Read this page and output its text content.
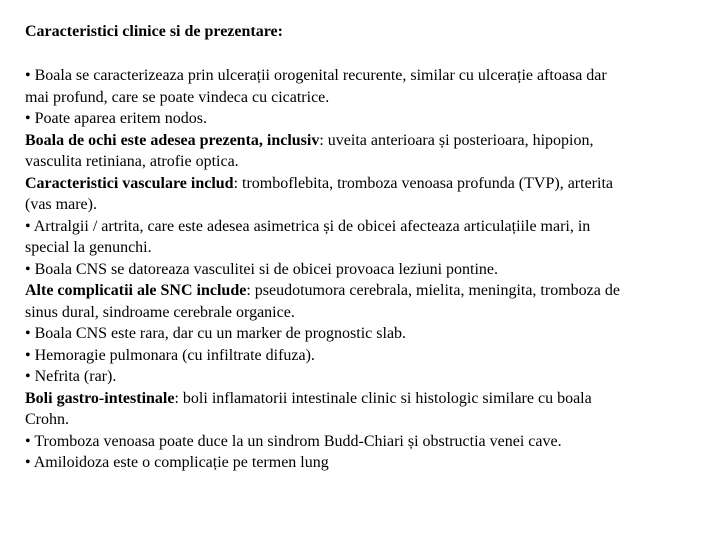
Caracteristici clinice si de prezentare:
• Boala se caracterizeaza prin ulcerații orogenital recurente, similar cu ulcerație aftoasa dar
mai profund, care se poate vindeca cu cicatrice.
• Poate aparea eritem nodos.
Boala de ochi este adesea prezenta, inclusiv: uveita anterioara și posterioara, hipopion,
vasculita retiniana, atrofie optica.
Caracteristici vasculare includ: tromboflebita, tromboza venoasa profunda (TVP), arterita
(vas mare).
• Artralgii / artrita, care este adesea asimetrica și de obicei afecteaza articulațiile mari, in
special la genunchi.
• Boala CNS se datoreaza vasculitei si de obicei provoaca leziuni pontine.
Alte complicatii ale SNC include: pseudotumora cerebrala, mielita, meningita, tromboza de
sinus dural, sindroame cerebrale organice.
• Boala CNS este rara, dar cu un marker de prognostic slab.
• Hemoragie pulmonara (cu infiltrate difuza).
• Nefrita (rar).
Boli gastro-intestinale: boli inflamatorii intestinale clinic si histologic similare cu boala
Crohn.
• Tromboza venoasa poate duce la un sindrom Budd-Chiari și obstructia venei cave.
• Amiloidoza este o complicație pe termen lung
